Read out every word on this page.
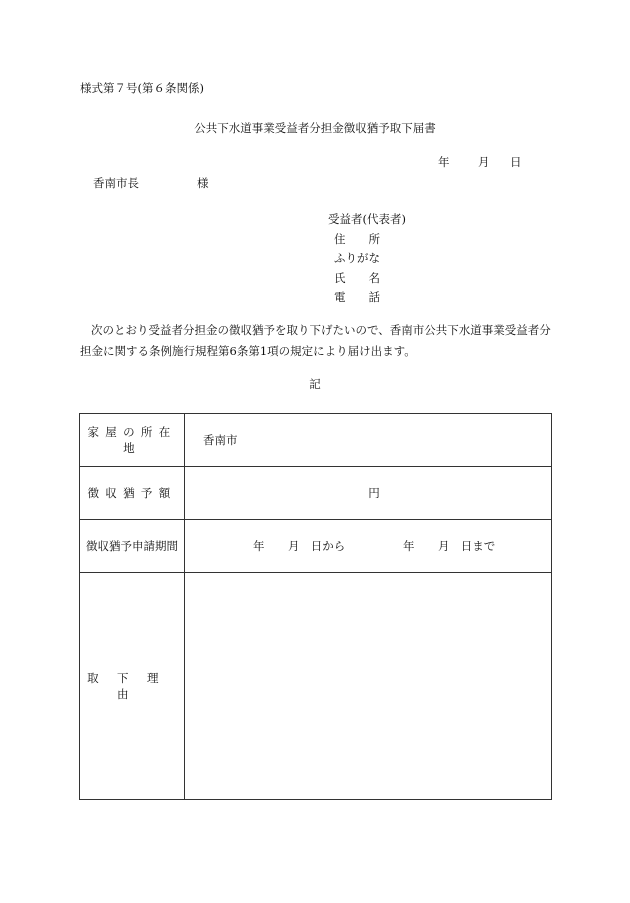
様式第７号(第６条関係)
公共下水道事業受益者分担金徴収猶予取下届書
年 月 日
香南市長	様
受益者(代表者)
住　　所
ふりがな
氏　　名
電　　話
次のとおり受益者分担金の徴収猶予を取り下げたいので、香南市公共下水道事業受益者分担金に関する条例施行規程第6条第1項の規定により届け出ます。
記
家屋の所在地	香南市
徴収猶予額	円
徴収猶予申請期間	年 月 日から 年 月 日まで
取下理由	
